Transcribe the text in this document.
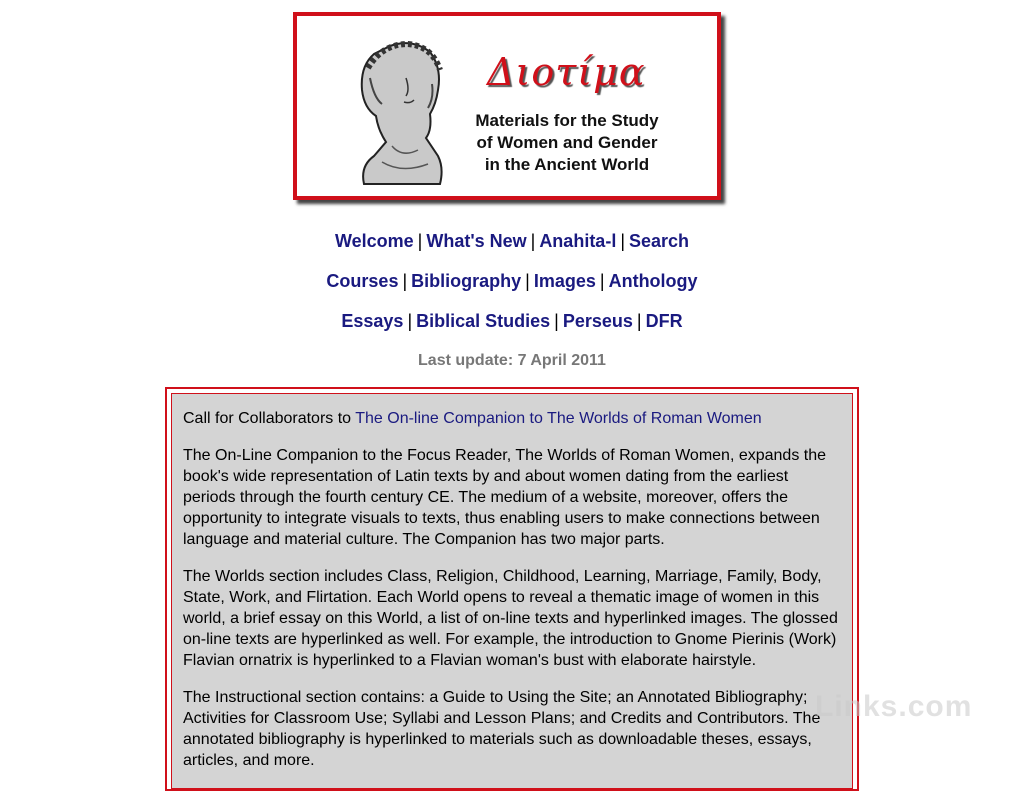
Διοτίμα
Materials for the Study
of Women and Gender
in the Ancient World
Welcome | What's New | Anahita-l | Search
Courses | Bibliography | Images | Anthology
Essays | Biblical Studies | Perseus | DFR
Last update: 7 April 2011

Call for Collaborators to The On-line Companion to The Worlds of Roman Women

The On-Line Companion to the Focus Reader, The Worlds of Roman Women, expands the book's wide representation of Latin texts by and about women dating from the earliest periods through the fourth century CE. The medium of a website, moreover, offers the opportunity to integrate visuals to texts, thus enabling users to make connections between language and material culture. The Companion has two major parts.

The Worlds section includes Class, Religion, Childhood, Learning, Marriage, Family, Body, State, Work, and Flirtation. Each World opens to reveal a thematic image of women in this world, a brief essay on this World, a list of on-line texts and hyperlinked images. The glossed on-line texts are hyperlinked as well. For example, the introduction to Gnome Pierinis (Work) Flavian ornatrix is hyperlinked to a Flavian woman's bust with elaborate hairstyle.

The Instructional section contains: a Guide to Using the Site; an Annotated Bibliography; Activities for Classroom Use; Syllabi and Lesson Plans; and Credits and Contributors. The annotated bibliography is hyperlinked to materials such as downloadable theses, essays, articles, and more.

Links.com
